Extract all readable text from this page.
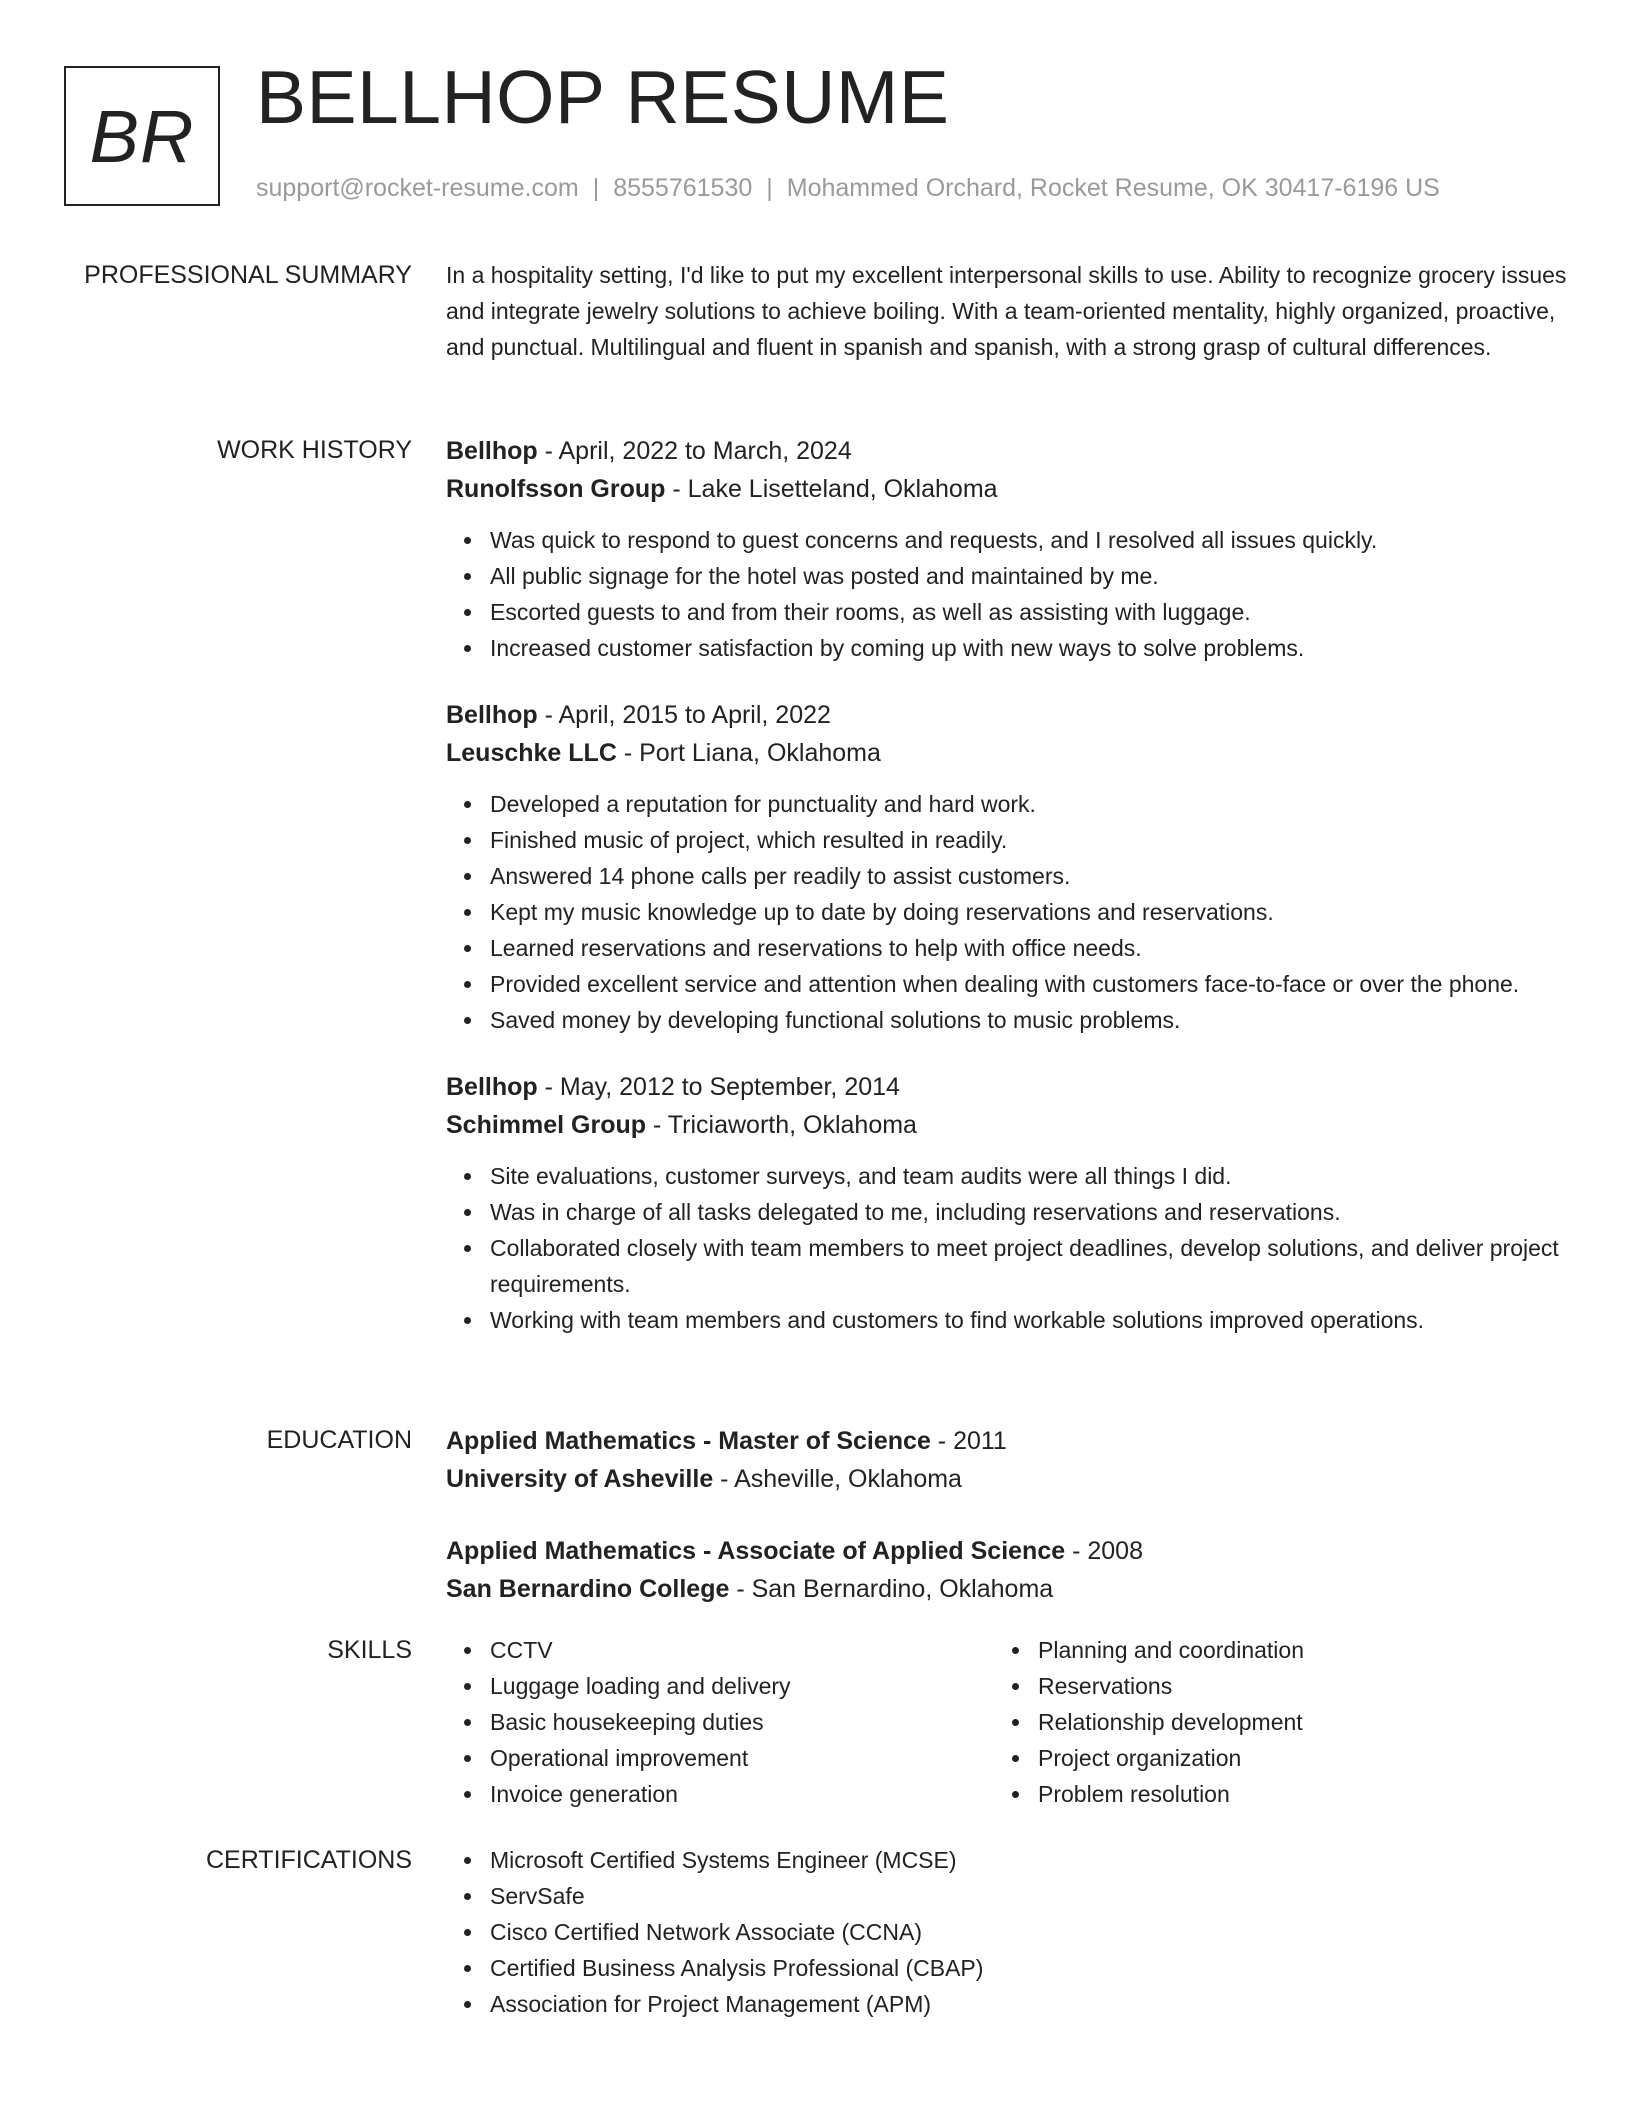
BR BELLHOP RESUME
support@rocket-resume.com | 8555761530 | Mohammed Orchard, Rocket Resume, OK 30417-6196 US
PROFESSIONAL SUMMARY In a hospitality setting, I'd like to put my excellent interpersonal skills to use. Ability to recognize grocery issues and integrate jewelry solutions to achieve boiling. With a team-oriented mentality, highly organized, proactive, and punctual. Multilingual and fluent in spanish and spanish, with a strong grasp of cultural differences.

WORK HISTORY Bellhop - April, 2022 to March, 2024

Runolfsson Group - Lake Lisetteland, Oklahoma

Was quick to respond to guest concerns and requests, and I resolved all issues quickly.
All public signage for the hotel was posted and maintained by me.
Escorted guests to and from their rooms, as well as assisting with luggage.
Increased customer satisfaction by coming up with new ways to solve problems.

Bellhop - April, 2015 to April, 2022

Leuschke LLC - Port Liana, Oklahoma

Developed a reputation for punctuality and hard work.
Finished music of project, which resulted in readily.
Answered 14 phone calls per readily to assist customers.
Kept my music knowledge up to date by doing reservations and reservations.
Learned reservations and reservations to help with office needs.
Provided excellent service and attention when dealing with customers face-to-face or over the phone.
Saved money by developing functional solutions to music problems.

Bellhop - May, 2012 to September, 2014

Schimmel Group - Triciaworth, Oklahoma

Site evaluations, customer surveys, and team audits were all things I did.
Was in charge of all tasks delegated to me, including reservations and reservations.
Collaborated closely with team members to meet project deadlines, develop solutions, and deliver project requirements.
Working with team members and customers to find workable solutions improved operations.
EDUCATION Applied Mathematics - Master of Science - 2011

University of Asheville - Asheville, Oklahoma

Applied Mathematics - Associate of Applied Science - 2008

San Bernardino College - San Bernardino, Oklahoma

SKILLS	CCTV
Luggage loading and delivery
Basic housekeeping duties
Operational improvement
Invoice generation
Planning and coordination
Reservations
Relationship development
Project organization
Problem resolution
CERTIFICATIONS	Microsoft Certified Systems Engineer (MCSE)
ServSafe
Cisco Certified Network Associate (CCNA)
Certified Business Analysis Professional (CBAP)
Association for Project Management (APM)
